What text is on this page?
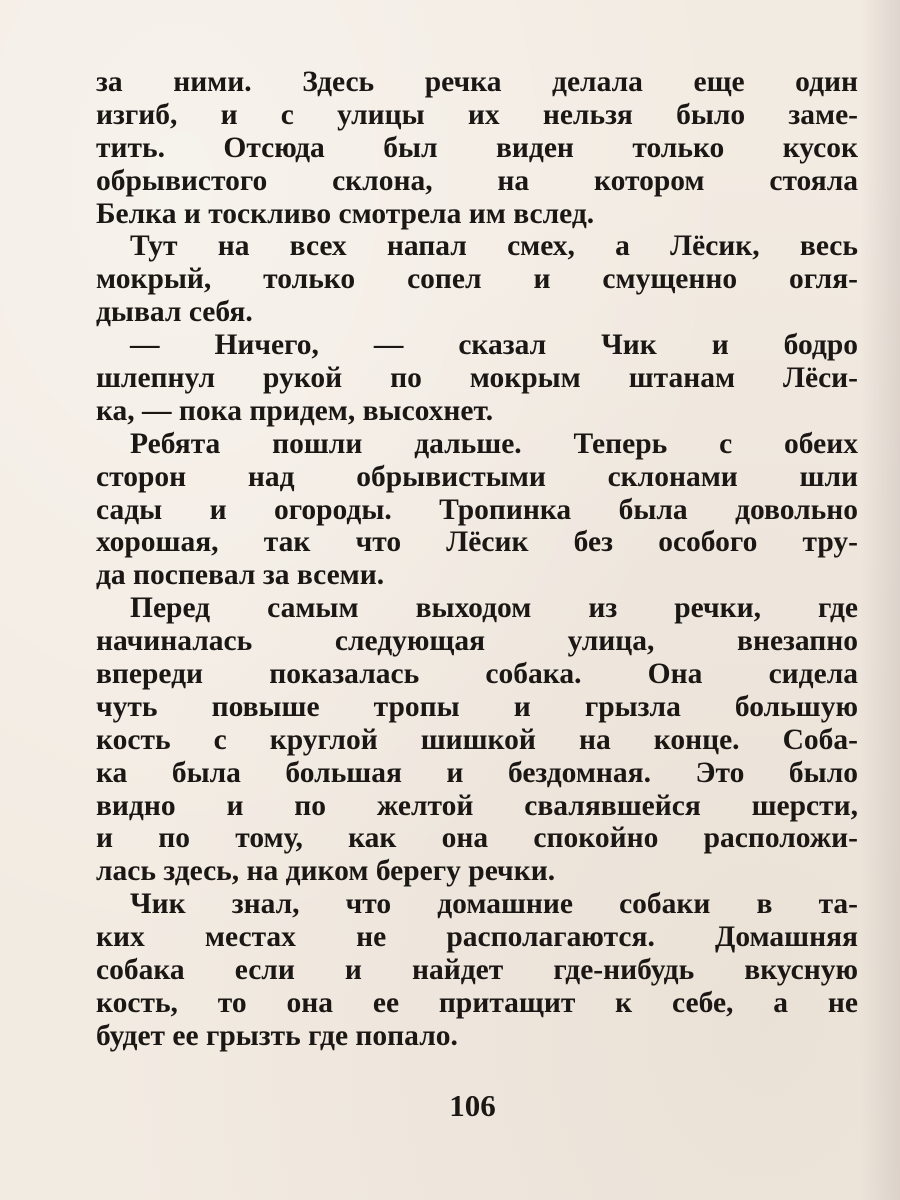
за ними. Здесь речка делала еще один
изгиб, и с улицы их нельзя было заме-
тить. Отсюда был виден только кусок
обрывистого склона, на котором стояла
Белка и тоскливо смотрела им вслед.
Тут на всех напал смех, а Лёсик, весь
мокрый, только сопел и смущенно огля-
дывал себя.
— Ничего, — сказал Чик и бодро
шлепнул рукой по мокрым штанам Лёси-
ка, — пока придем, высохнет.
Ребята пошли дальше. Теперь с обеих
сторон над обрывистыми склонами шли
сады и огороды. Тропинка была довольно
хорошая, так что Лёсик без особого тру-
да поспевал за всеми.
Перед самым выходом из речки, где
начиналась следующая улица, внезапно
впереди показалась собака. Она сидела
чуть повыше тропы и грызла большую
кость с круглой шишкой на конце. Соба-
ка была большая и бездомная. Это было
видно и по желтой свалявшейся шерсти,
и по тому, как она спокойно расположи-
лась здесь, на диком берегу речки.
Чик знал, что домашние собаки в та-
ких местах не располагаются. Домашняя
собака если и найдет где-нибудь вкусную
кость, то она ее притащит к себе, а не
будет ее грызть где попало.
106
